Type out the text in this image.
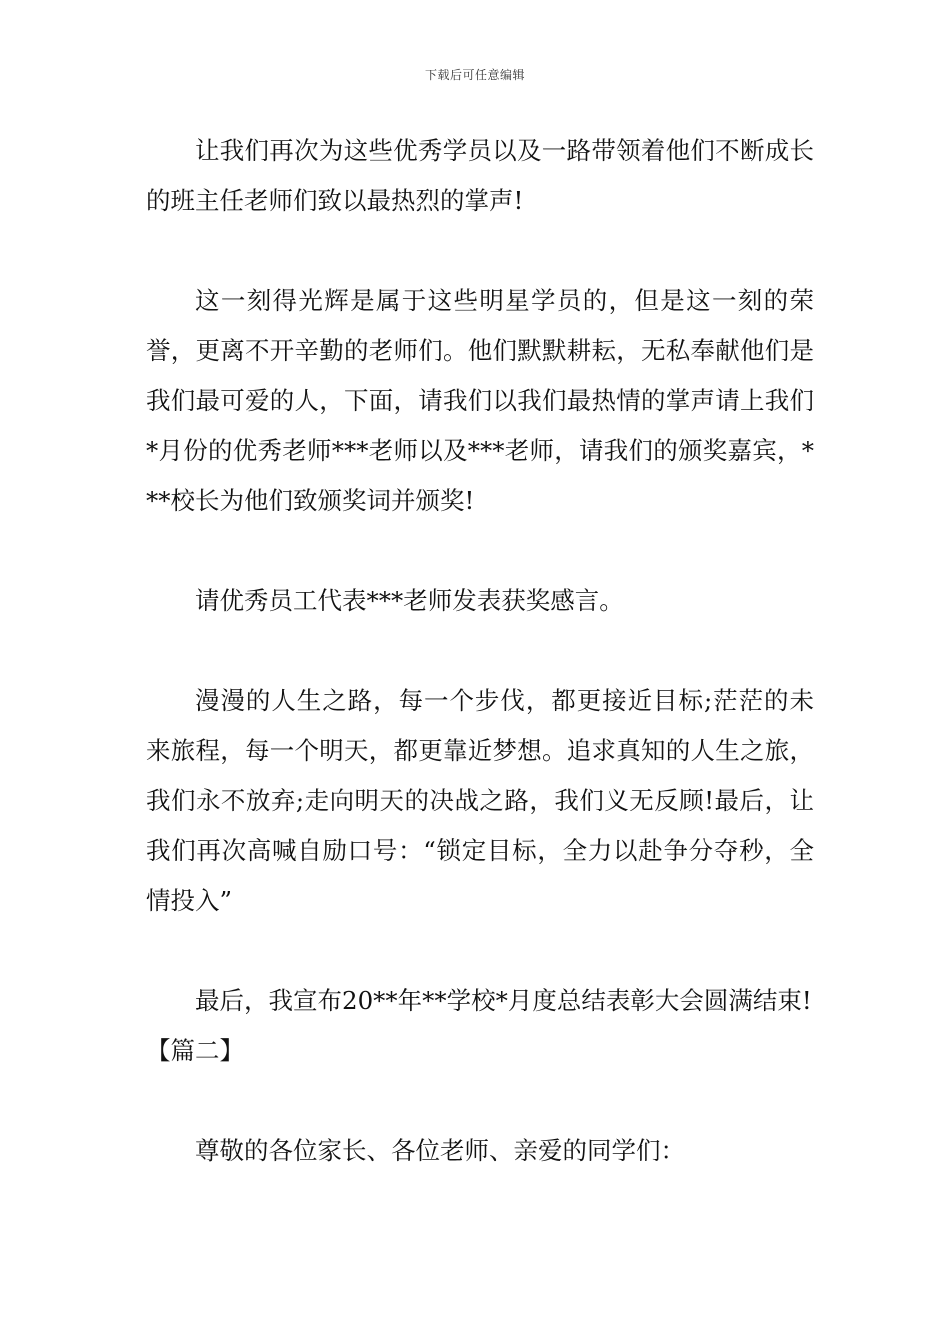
下载后可任意编辑

让我们再次为这些优秀学员以及一路带领着他们不断成长的班主任老师们致以最热烈的掌声!

这一刻得光辉是属于这些明星学员的，但是这一刻的荣誉，更离不开辛勤的老师们。他们默默耕耘，无私奉献他们是我们最可爱的人，下面，请我们以我们最热情的掌声请上我们*月份的优秀老师***老师以及***老师，请我们的颁奖嘉宾，***校长为他们致颁奖词并颁奖!

请优秀员工代表***老师发表获奖感言。

漫漫的人生之路，每一个步伐，都更接近目标;茫茫的未来旅程，每一个明天，都更靠近梦想。追求真知的人生之旅，我们永不放弃;走向明天的决战之路，我们义无反顾!最后，让我们再次高喊自励口号：“锁定目标，全力以赴争分夺秒，全情投入”

最后，我宣布20**年**学校*月度总结表彰大会圆满结束!

【篇二】

尊敬的各位家长、各位老师、亲爱的同学们：
